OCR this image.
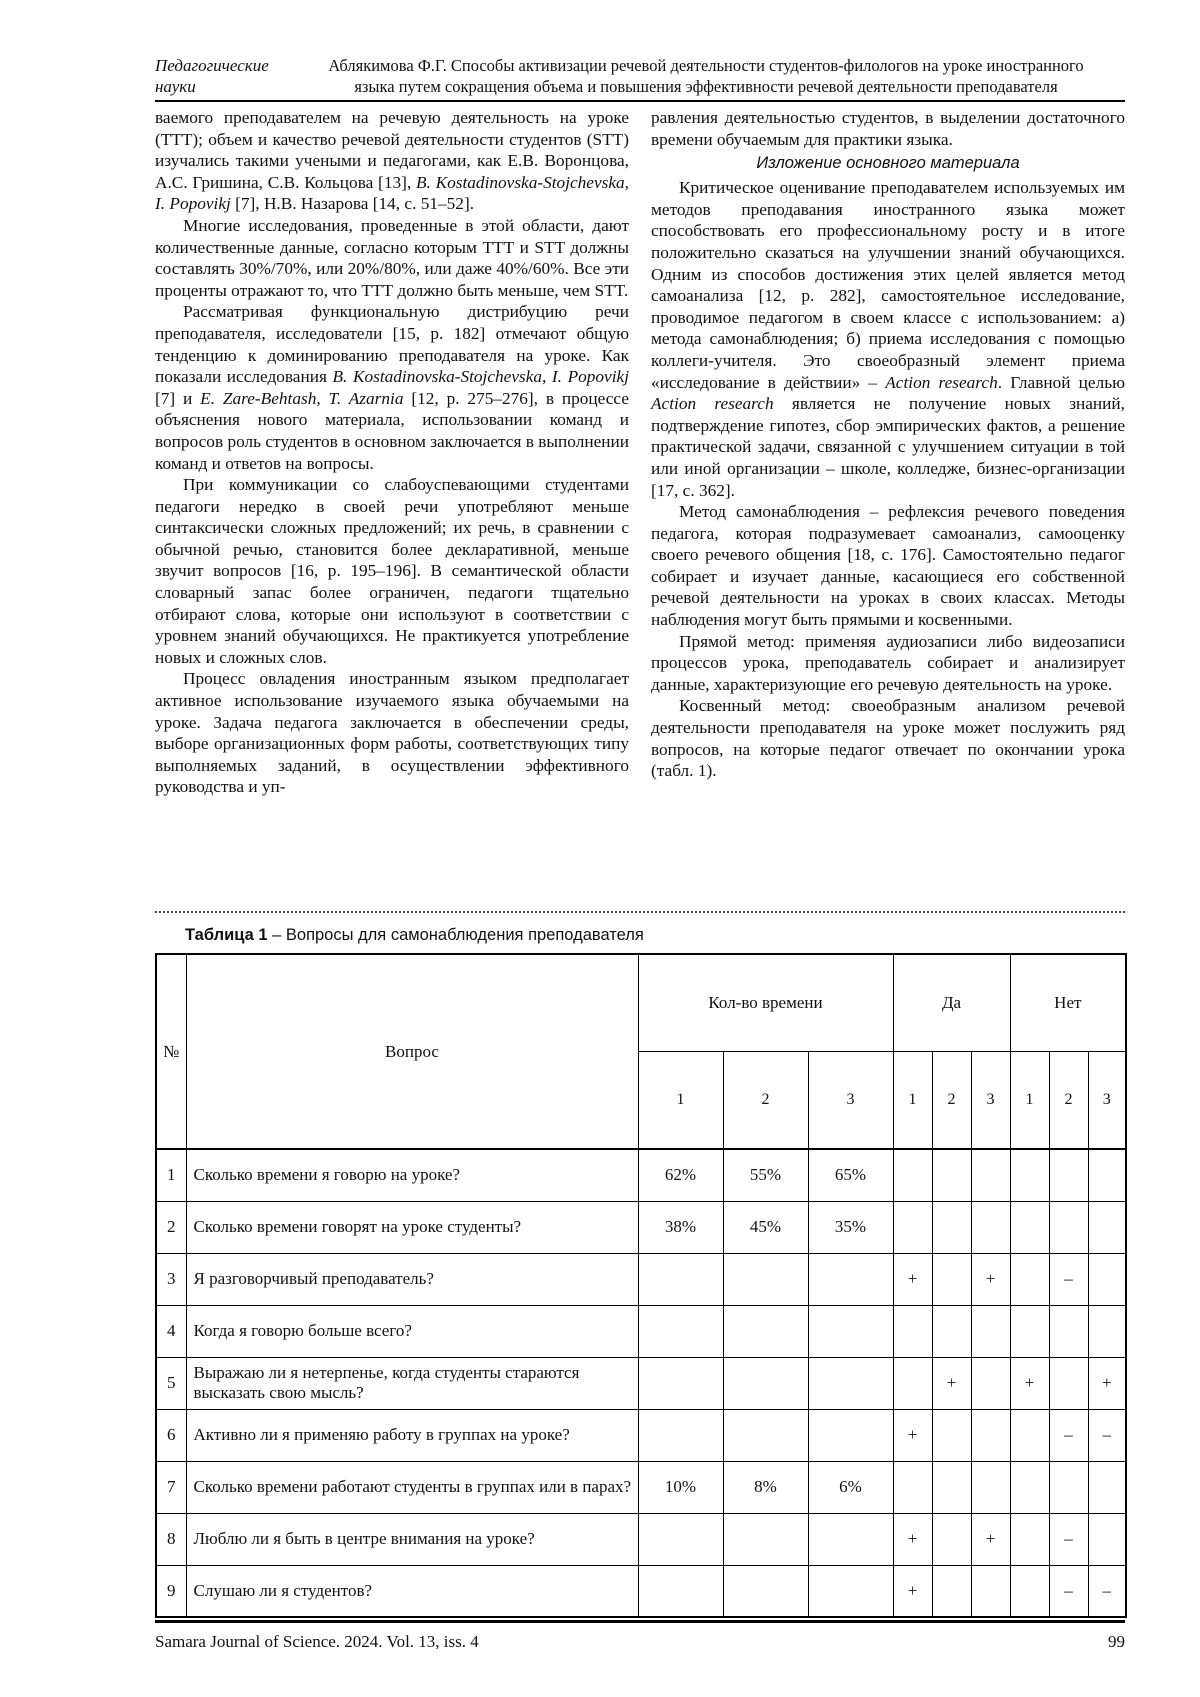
Педагогические
науки
Аблякимова Ф.Г. Способы активизации речевой деятельности студентов-филологов на уроке иностранного
языка путем сокращения объема и повышения эффективности речевой деятельности преподавателя

ваемого преподавателем на речевую деятельность на уроке (ТТТ); объем и качество речевой деятельности студентов (STT) изучались такими учеными и педагогами, как Е.В. Воронцова, А.С. Гришина, С.В. Кольцова [13], B. Kostadinovska-Stojchevska, I. Popovikj [7], Н.В. Назарова [14, с. 51–52].

Многие исследования, проведенные в этой области, дают количественные данные, согласно которым ТТТ и STT должны составлять 30%/70%, или 20%/80%, или даже 40%/60%. Все эти проценты отражают то, что ТТТ должно быть меньше, чем STT.

Рассматривая функциональную дистрибуцию речи преподавателя, исследователи [15, p. 182] отмечают общую тенденцию к доминированию преподавателя на уроке. Как показали исследования B. Kostadinovska-Stojchevska, I. Popovikj [7] и E. Zare-Behtash, T. Azarnia [12, p. 275–276], в процессе объяснения нового материала, использовании команд и вопросов роль студентов в основном заключается в выполнении команд и ответов на вопросы.

При коммуникации со слабоуспевающими студентами педагоги нередко в своей речи употребляют меньше синтаксически сложных предложений; их речь, в сравнении с обычной речью, становится более декларативной, меньше звучит вопросов [16, p. 195–196]. В семантической области словарный запас более ограничен, педагоги тщательно отбирают слова, которые они используют в соответствии с уровнем знаний обучающихся. Не практикуется употребление новых и сложных слов.

Процесс овладения иностранным языком предполагает активное использование изучаемого языка обучаемыми на уроке. Задача педагога заключается в обеспечении среды, выборе организационных форм работы, соответствующих типу выполняемых заданий, в осуществлении эффективного руководства и уп-

равления деятельностью студентов, в выделении достаточного времени обучаемым для практики языка.

Изложение основного материала

Критическое оценивание преподавателем используемых им методов преподавания иностранного языка может способствовать его профессиональному росту и в итоге положительно сказаться на улучшении знаний обучающихся. Одним из способов достижения этих целей является метод самоанализа [12, p. 282], самостоятельное исследование, проводимое педагогом в своем классе с использованием: а) метода самонаблюдения; б) приема исследования с помощью коллеги-учителя. Это своеобразный элемент приема «исследование в действии» – Action research. Главной целью Action research является не получение новых знаний, подтверждение гипотез, сбор эмпирических фактов, а решение практической задачи, связанной с улучшением ситуации в той или иной организации – школе, колледже, бизнес-организации [17, с. 362].

Метод самонаблюдения – рефлексия речевого поведения педагога, которая подразумевает самоанализ, самооценку своего речевого общения [18, с. 176]. Самостоятельно педагог собирает и изучает данные, касающиеся его собственной речевой деятельности на уроках в своих классах. Методы наблюдения могут быть прямыми и косвенными.

Прямой метод: применяя аудиозаписи либо видеозаписи процессов урока, преподаватель собирает и анализирует данные, характеризующие его речевую деятельность на уроке.

Косвенный метод: своеобразным анализом речевой деятельности преподавателя на уроке может послужить ряд вопросов, на которые педагог отвечает по окончании урока (табл. 1).

Таблица 1 – Вопросы для самонаблюдения преподавателя
№	Вопрос	Кол-во времени			Да			Нет		
		1	2	3	1	2	3	1	2	3
1	Сколько времени я говорю на уроке?	62%	55%	65%						
2	Сколько времени говорят на уроке студенты?	38%	45%	35%						
3	Я разговорчивый преподаватель?				+		+		–	
4	Когда я говорю больше всего?									
5	Выражаю ли я нетерпенье, когда студенты стараются высказать свою мысль?					+		+		+
6	Активно ли я применяю работу в группах на уроке?				+				–	–
7	Сколько времени работают студенты в группах или в парах?	10%	8%	6%						
8	Люблю ли я быть в центре внимания на уроке?				+		+		–	
9	Слушаю ли я студентов?				+				–	–
Samara Journal of Science. 2024. Vol. 13, iss. 4	99
